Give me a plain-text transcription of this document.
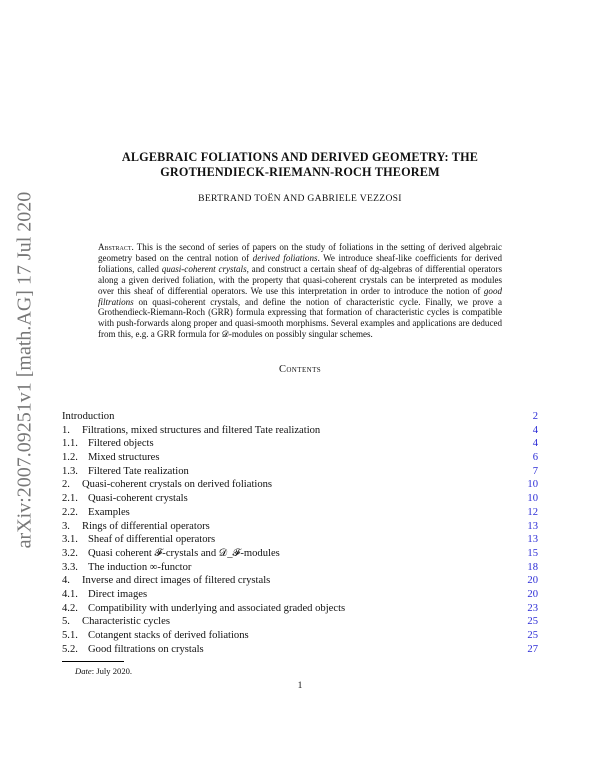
arXiv:2007.09251v1 [math.AG] 17 Jul 2020
ALGEBRAIC FOLIATIONS AND DERIVED GEOMETRY: THE
GROTHENDIECK-RIEMANN-ROCH THEOREM
BERTRAND TOËN AND GABRIELE VEZZOSI
Abstract. This is the second of series of papers on the study of foliations in the setting of derived algebraic geometry based on the central notion of derived foliations. We introduce sheaf-like coefficients for derived foliations, called quasi-coherent crystals, and construct a certain sheaf of dg-algebras of differential operators along a given derived foliation, with the property that quasi-coherent crystals can be interpreted as modules over this sheaf of differential operators. We use this interpretation in order to introduce the notion of good filtrations on quasi-coherent crystals, and define the notion of characteristic cycle. Finally, we prove a Grothendieck-Riemann-Roch (GRR) formula expressing that formation of characteristic cycles is compatible with push-forwards along proper and quasi-smooth morphisms. Several examples and applications are deduced from this, e.g. a GRR formula for 𝒟-modules on possibly singular schemes.
Contents
Introduction	2
1. Filtrations, mixed structures and filtered Tate realization	4
1.1. Filtered objects	4
1.2. Mixed structures	6
1.3. Filtered Tate realization	7
2. Quasi-coherent crystals on derived foliations	10
2.1. Quasi-coherent crystals	10
2.2. Examples	12
3. Rings of differential operators	13
3.1. Sheaf of differential operators	13
3.2. Quasi coherent 𝓕-crystals and 𝒟_𝓕-modules	15
3.3. The induction ∞-functor	18
4. Inverse and direct images of filtered crystals	20
4.1. Direct images	20
4.2. Compatibility with underlying and associated graded objects	23
5. Characteristic cycles	25
5.1. Cotangent stacks of derived foliations	25
5.2. Good filtrations on crystals	27
Date: July 2020.
1
